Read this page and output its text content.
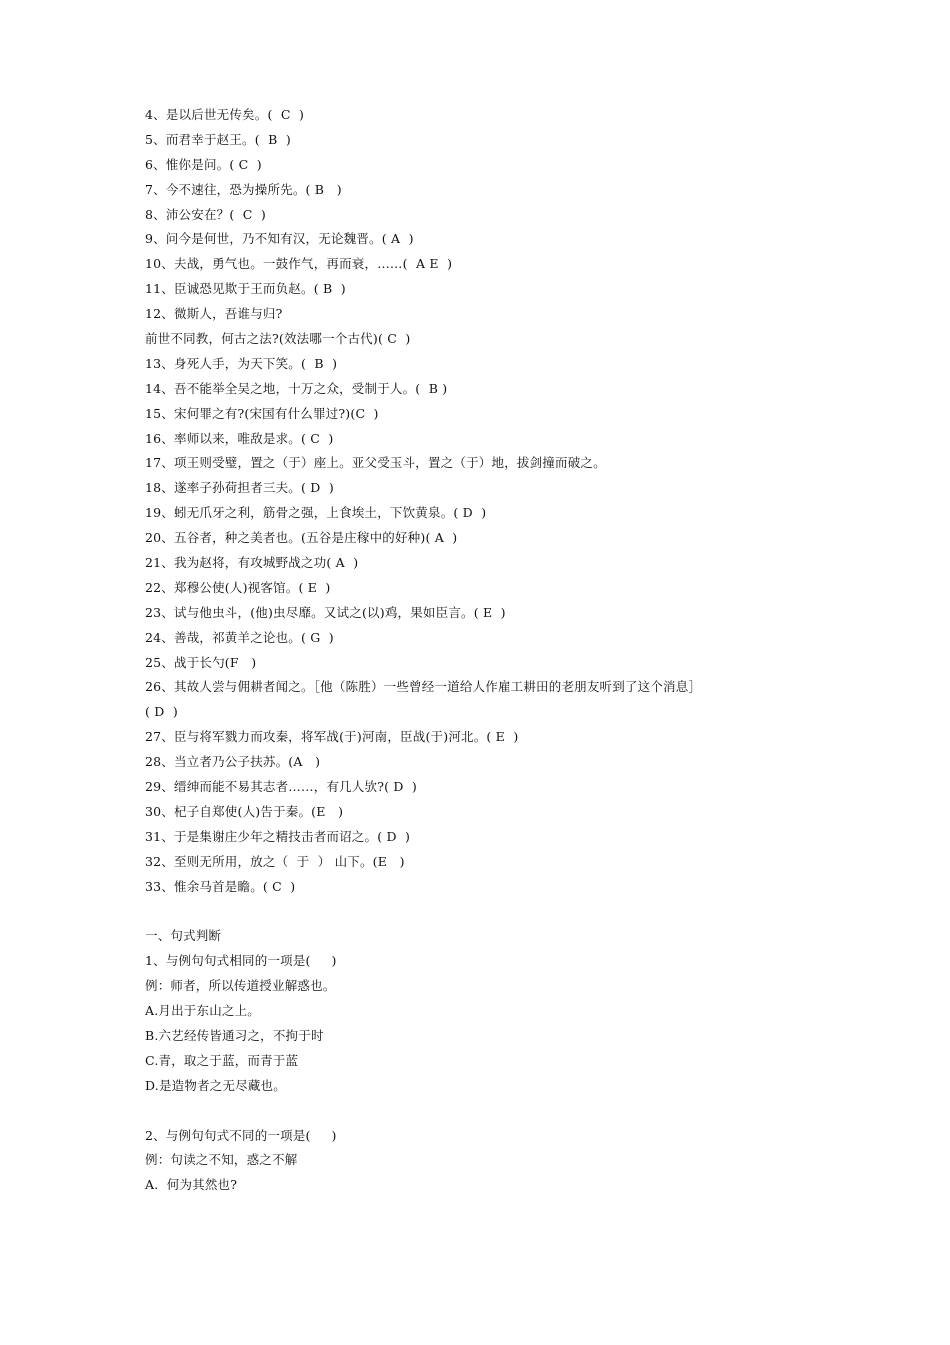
4、是以后世无传矣。(  C  )
5、而君幸于赵王。(  B  )
6、惟你是问。( C  )
7、今不速往，恐为操所先。( B   )
8、沛公安在？(  C  )
9、问今是何世，乃不知有汉，无论魏晋。( A  )
10、夫战，勇气也。一鼓作气，再而衰，……(  A E  )
11、臣诚恐见欺于王而负赵。( B  )
12、微斯人，吾谁与归?
前世不同教，何古之法?(效法哪一个古代)( C  )
13、身死人手，为天下笑。(  B  )
14、吾不能举全吴之地，十万之众，受制于人。(  B )
15、宋何罪之有?(宋国有什么罪过?)(C  )
16、率师以来，唯敌是求。( C  )
17、项王则受璧，置之（于）座上。亚父受玉斗，置之（于）地，拔剑撞而破之。
18、遂率子孙荷担者三夫。( D  )
19、蚓无爪牙之利，筋骨之强，上食埃土，下饮黄泉。( D  )
20、五谷者，种之美者也。(五谷是庄稼中的好种)( A  )
21、我为赵将，有攻城野战之功( A  )
22、郑穆公使(人)视客馆。( E  )
23、试与他虫斗，(他)虫尽靡。又试之(以)鸡，果如臣言。( E  )
24、善哉，祁黄羊之论也。( G  )
25、战于长勺(F   )
26、其故人尝与佣耕者闻之。［他（陈胜）一些曾经一道给人作雇工耕田的老朋友听到了这个消息］
( D  )
27、臣与将军戮力而攻秦，将军战(于)河南，臣战(于)河北。( E  )
28、当立者乃公子扶苏。(A   )
29、缙绅而能不易其志者……，有几人欤?( D  )
30、杞子自郑使(人)告于秦。(E   )
31、于是集谢庄少年之精技击者而诏之。( D  )
32、至则无所用，放之（  于  ） 山下。(E   )
33、惟余马首是瞻。( C  )
一、句式判断
1、与例句句式相同的一项是(     )
例：师者，所以传道授业解惑也。
A.月出于东山之上。
B.六艺经传皆通习之，不拘于时
C.青，取之于蓝，而青于蓝
D.是造物者之无尽藏也。
2、与例句句式不同的一项是(     )
例：句读之不知，惑之不解
A.  何为其然也?
